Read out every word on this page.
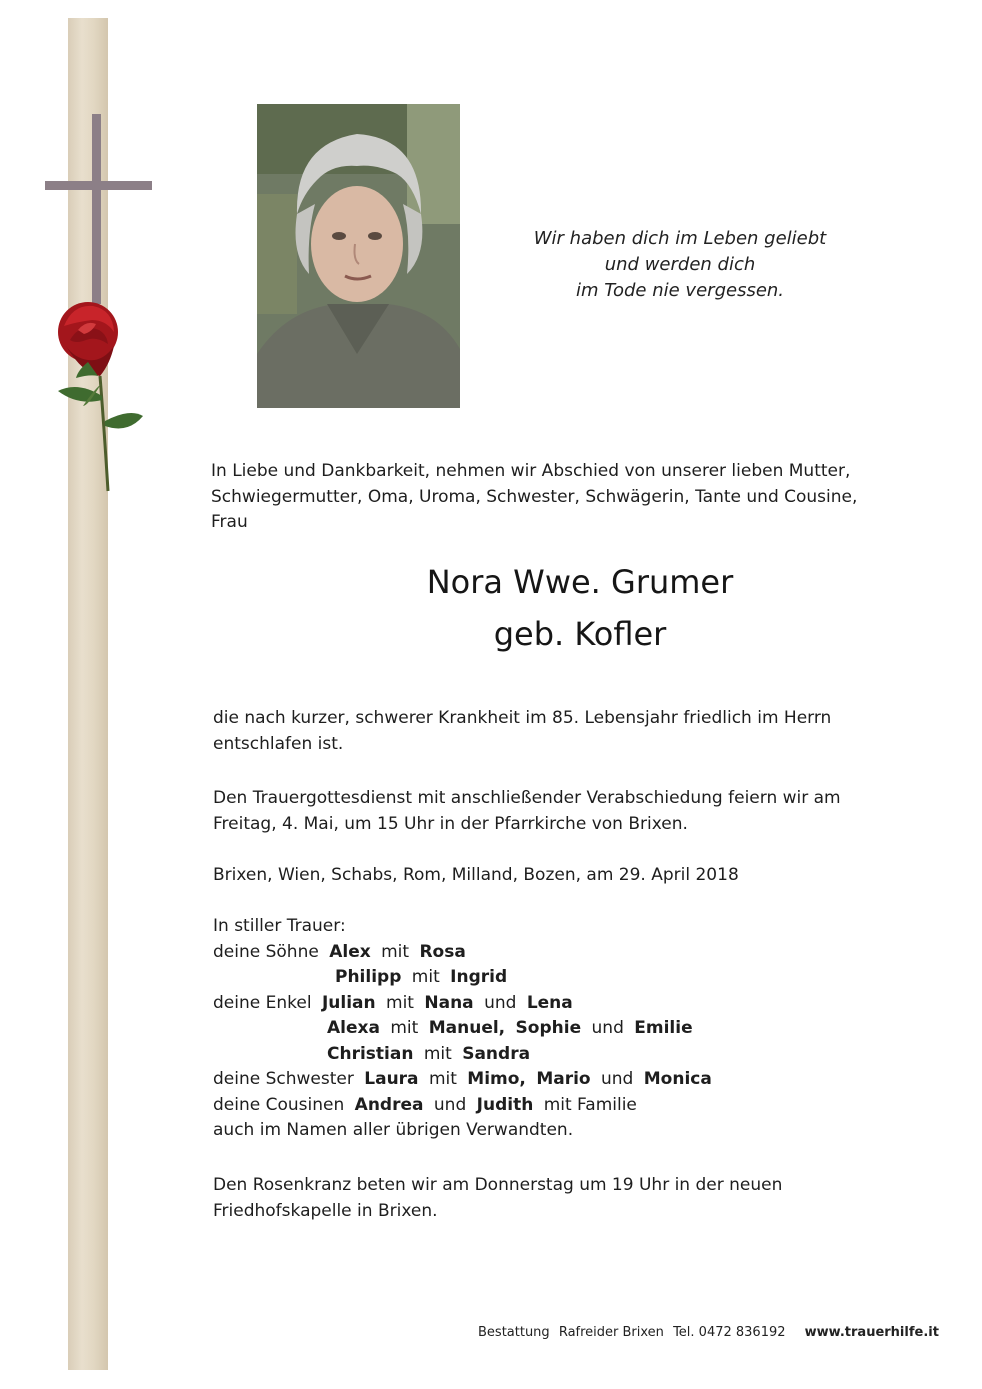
Wir haben dich im Leben geliebt
und werden dich
im Tode nie vergessen.
In Liebe und Dankbarkeit, nehmen wir Abschied von unserer lieben Mutter,
Schwiegermutter, Oma, Uroma, Schwester, Schwägerin, Tante und Cousine,
Frau
Nora Wwe. Grumer
geb. Kofler
die nach kurzer, schwerer Krankheit im 85. Lebensjahr friedlich im Herrn
entschlafen ist.
Den Trauergottesdienst mit anschließender Verabschiedung feiern wir am
Freitag, 4. Mai, um 15 Uhr in der Pfarrkirche von Brixen.
Brixen, Wien, Schabs, Rom, Milland, Bozen, am 29. April 2018
In stiller Trauer:
deine Söhne Alex mit Rosa
Philipp mit Ingrid
deine Enkel Julian mit Nana und Lena
Alexa mit Manuel, Sophie und Emilie
Christian mit Sandra
deine Schwester Laura mit Mimo, Mario und Monica
deine Cousinen Andrea und Judith mit Familie
auch im Namen aller übrigen Verwandten.
Den Rosenkranz beten wir am Donnerstag um 19 Uhr in der neuen
Friedhofskapelle in Brixen.
Bestattung Rafreider Brixen Tel. 0472 836192 www.trauerhilfe.it
